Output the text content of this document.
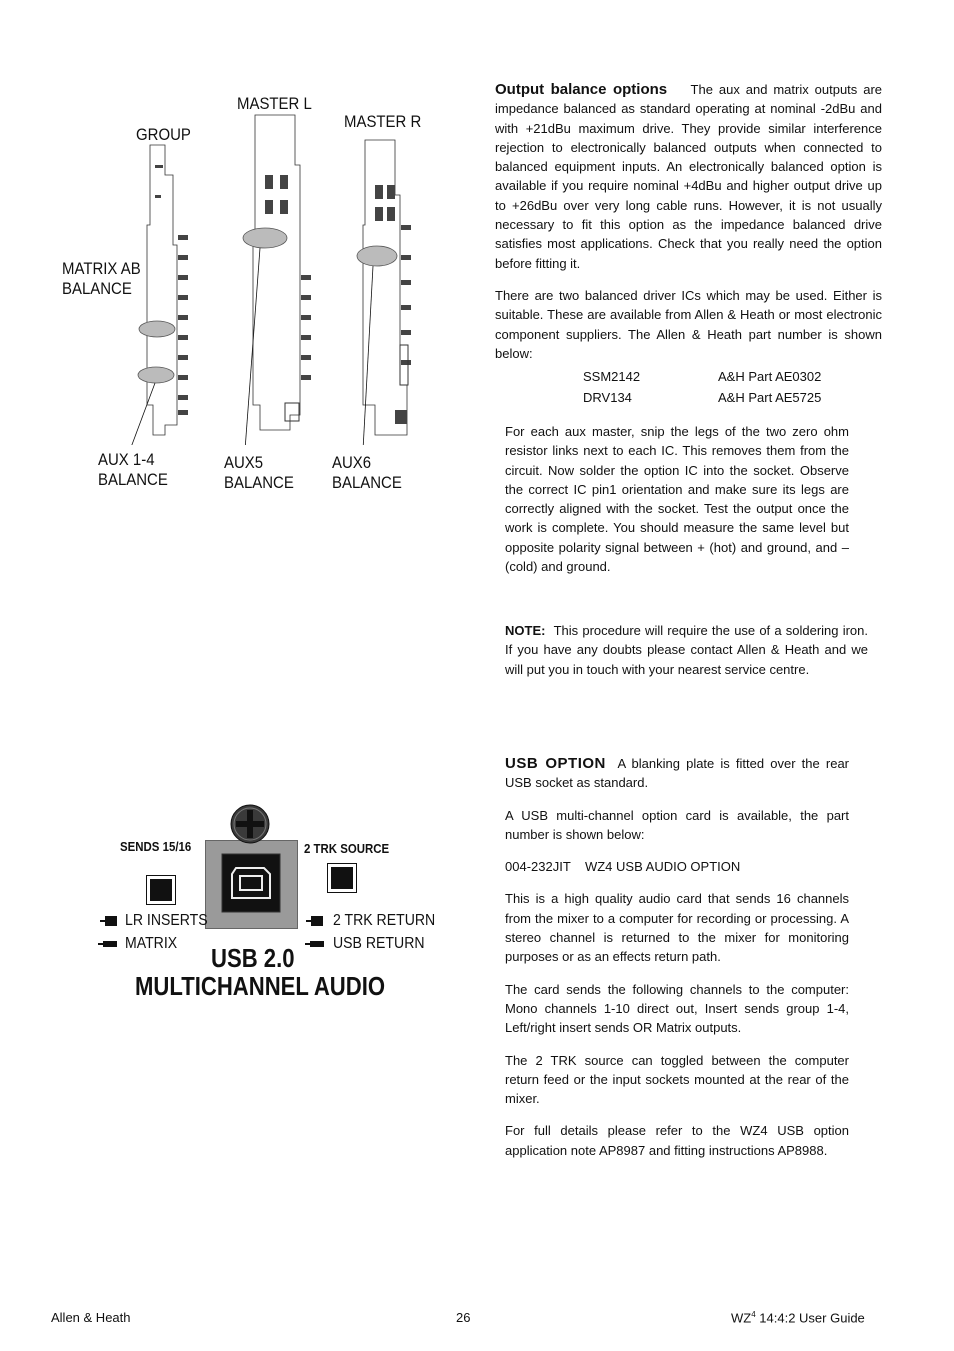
MASTER L
MASTER R
GROUP
MATRIX AB
BALANCE
AUX 1-4
BALANCE
AUX5
BALANCE
AUX6
BALANCE

Output balance options The aux and matrix outputs are impedance balanced as standard operating at nominal -2dBu and with +21dBu maximum drive. They provide similar interference rejection to electronically balanced outputs when connected to balanced equipment inputs. An electronically balanced option is available if you require nominal +4dBu and higher output drive up to +26dBu over very long cable runs. However, it is not usually necessary to fit this option as the impedance balanced drive satisfies most applications. Check that you really need the option before fitting it.

There are two balanced driver ICs which may be used. Either is suitable. These are available from Allen & Heath or most electronic component suppliers. The Allen & Heath part number is shown below:

SSM2142	A&H Part AE0302
DRV134	A&H Part AE5725
For each aux master, snip the legs of the two zero ohm resistor links next to each IC. This removes them from the circuit. Now solder the option IC into the socket. Observe the correct IC pin1 orientation and make sure its legs are correctly aligned with the socket. Test the output once the work is complete. You should measure the same level but opposite polarity signal between + (hot) and ground, and – (cold) and ground.

NOTE: This procedure will require the use of a soldering iron. If you have any doubts please contact Allen & Heath and we will put you in touch with your nearest service centre.

SENDS 15/16	2 TRK SOURCE
LR INSERTS
MATRIX
2 TRK RETURN
USB RETURN
USB 2.0
MULTICHANNEL AUDIO

USB OPTION A blanking plate is fitted over the rear USB socket as standard.

A USB multi-channel option card is available, the part number is shown below:

004-232JIT    WZ4 USB AUDIO OPTION

This is a high quality audio card that sends 16 channels from the mixer to a computer for recording or processing. A stereo channel is returned to the mixer for monitoring purposes or as an effects return path.

The card sends the following channels to the computer: Mono channels 1-10 direct out, Insert sends group 1-4, Left/right insert sends OR Matrix outputs.

The 2 TRK source can toggled between the computer return feed or the input sockets mounted at the rear of the mixer.

For full details please refer to the WZ4 USB option application note AP8987 and fitting instructions AP8988.

Allen & Heath	26	$WZ^4$ 14:4:2 User Guide
